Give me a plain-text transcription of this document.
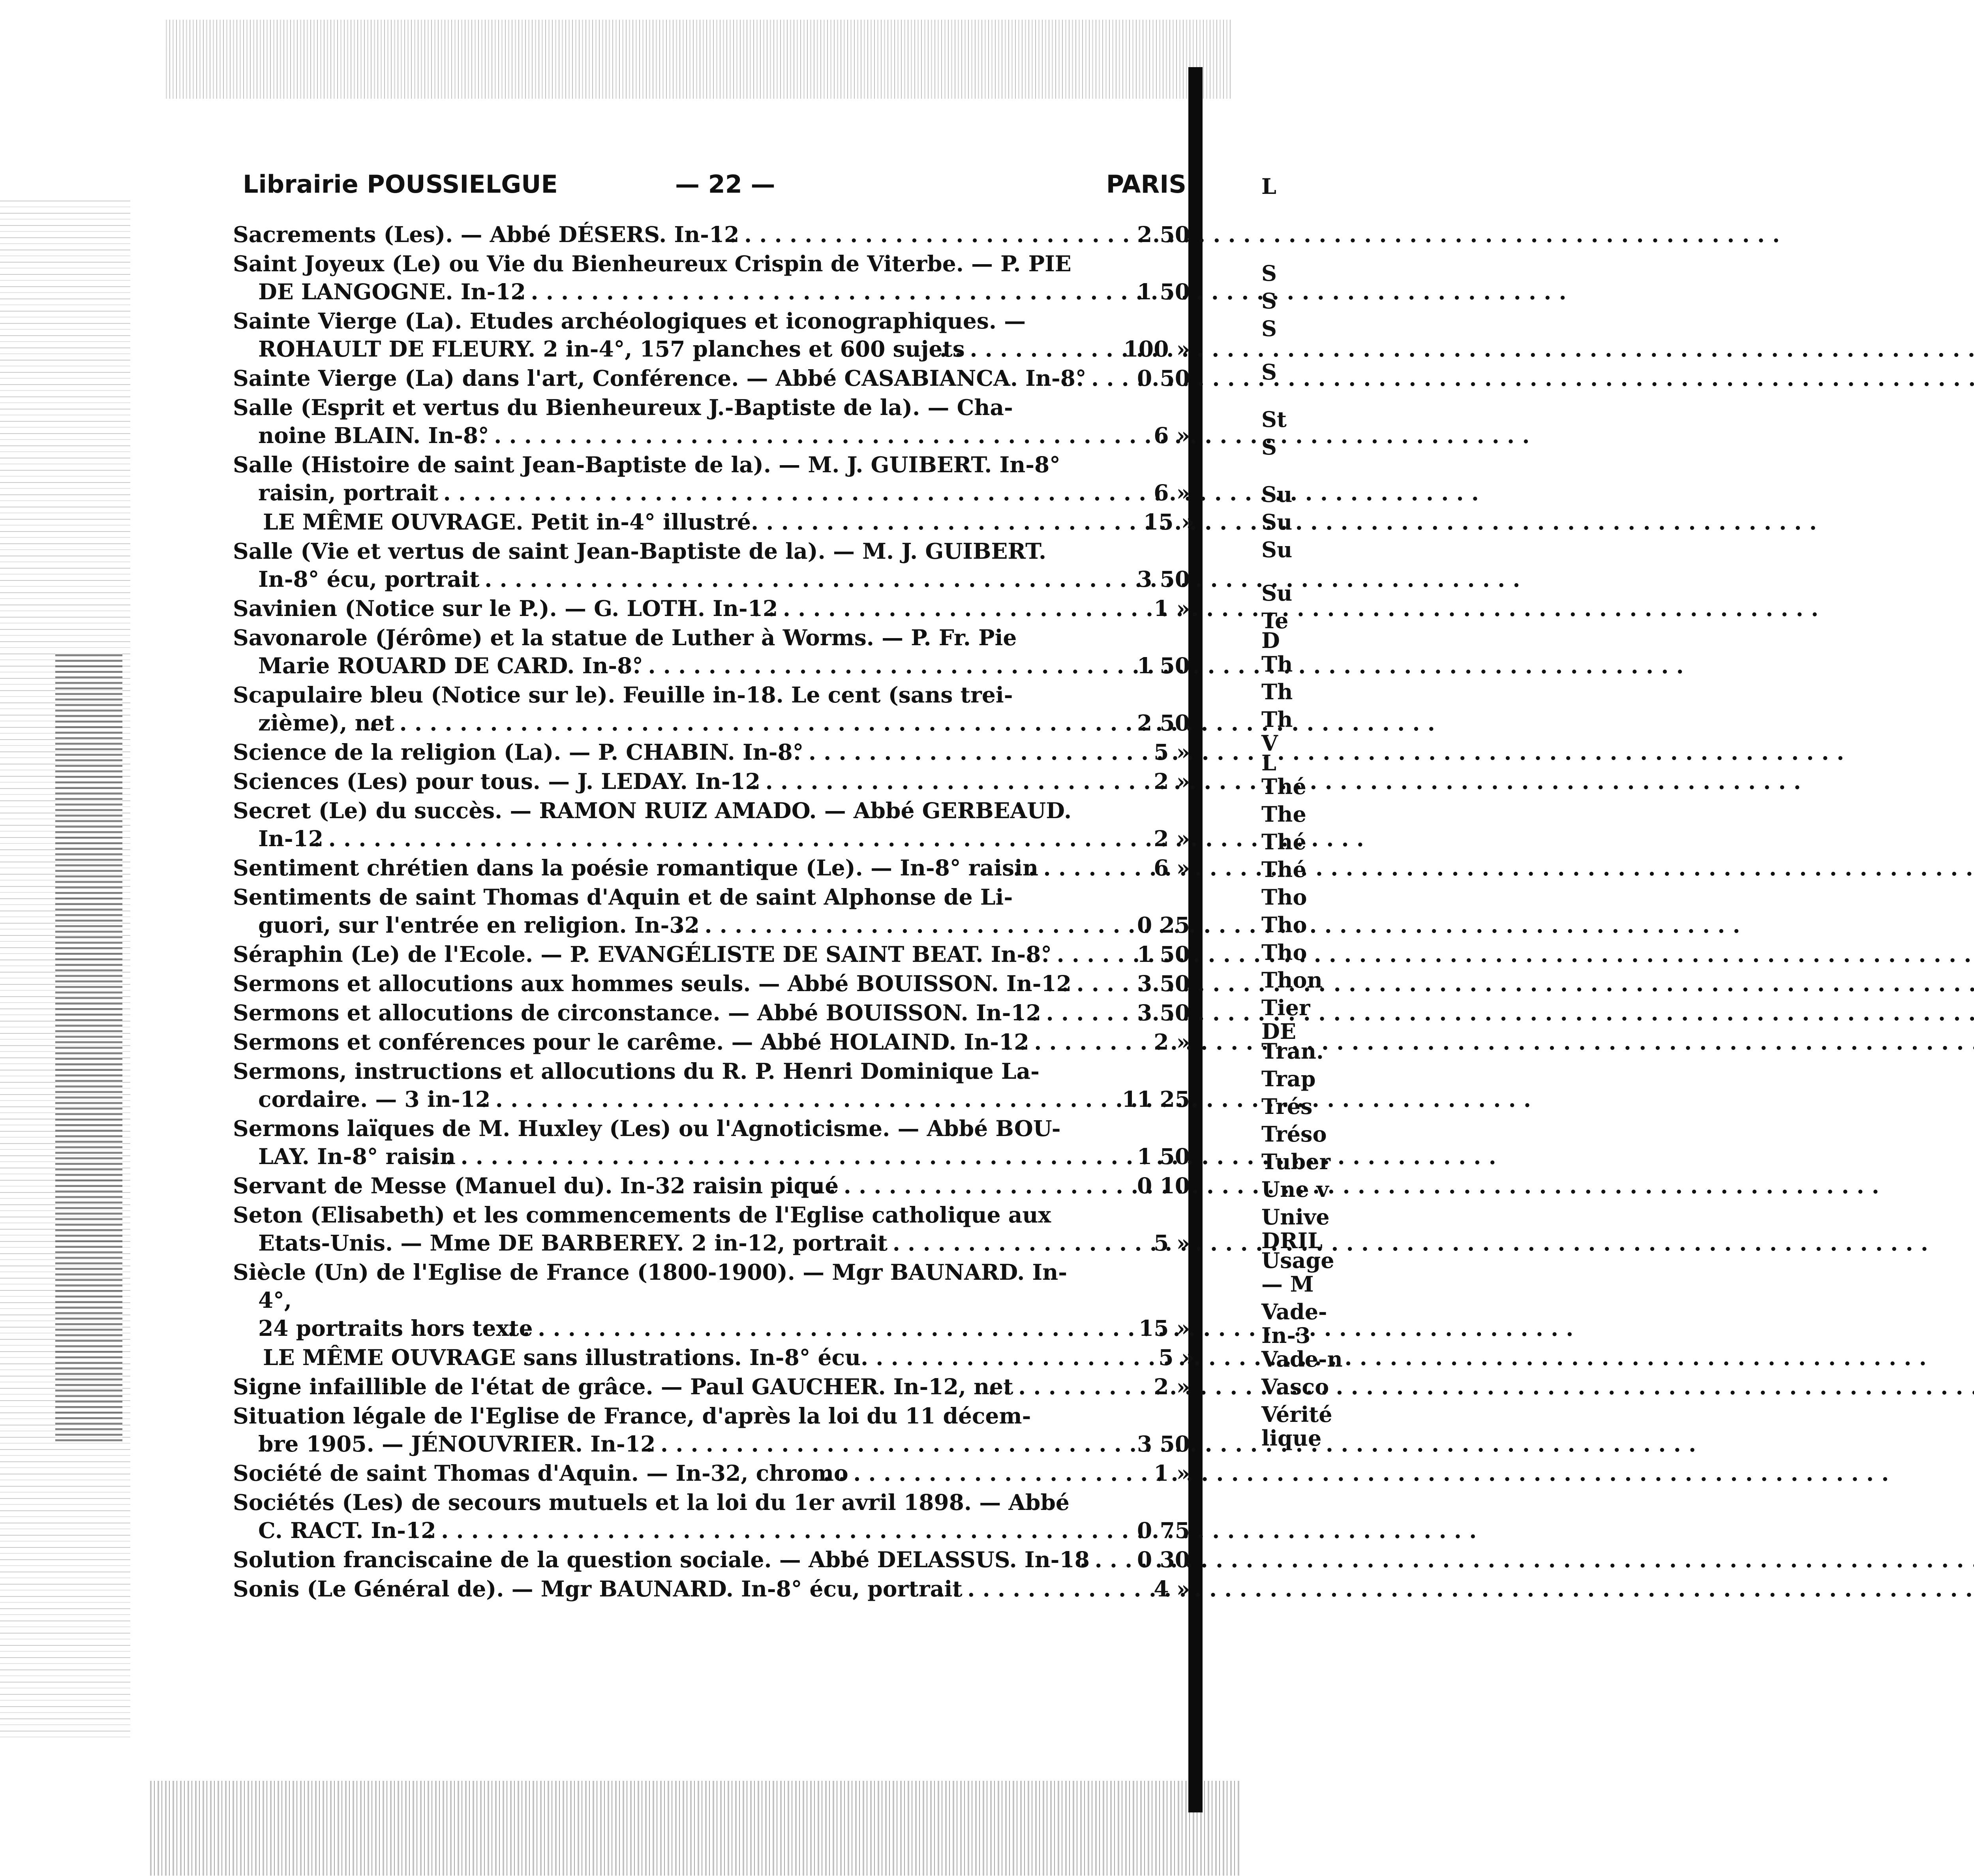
Librairie POUSSIELGUE	— 22 —	PARIS
Sacrements (Les). — Abbé DÉSERS. In-12 . . .	2 50
Saint Joyeux (Le) ou Vie du Bienheureux Crispin de Viterbe. — P. PIE
DE LANGOGNE. In-12 . . .	1 50
Sainte Vierge (La). Etudes archéologiques et iconographiques. —
ROHAULT DE FLEURY. 2 in-4°, 157 planches et 600 sujets . . .	100 »
Sainte Vierge (La) dans l'art, Conférence. — Abbé CASABIANCA. In-8° . . .	0 50
Salle (Esprit et vertus du Bienheureux J.-Baptiste de la). — Cha-
noine BLAIN. In-8° . . .	6 »
Salle (Histoire de saint Jean-Baptiste de la). — M. J. GUIBERT. In-8°
raisin, portrait . . .	6 »
LE MÊME OUVRAGE. Petit in-4° illustré . . .	15 »
Salle (Vie et vertus de saint Jean-Baptiste de la). — M. J. GUIBERT.
In-8° écu, portrait . . .	3 50
Savinien (Notice sur le P.). — G. LOTH. In-12 . . .	1 »
Savonarole (Jérôme) et la statue de Luther à Worms. — P. Fr. Pie
Marie ROUARD DE CARD. In-8° . . .	1 50
Scapulaire bleu (Notice sur le). Feuille in-18. Le cent (sans trei-
zième), net . . .	2 50
Science de la religion (La). — P. CHABIN. In-8° . . .	5 »
Sciences (Les) pour tous. — J. LEDAY. In-12 . . .	2 »
Secret (Le) du succès. — RAMON RUIZ AMADO. — Abbé GERBEAUD. In-12 . . .	2 »
Sentiment chrétien dans la poésie romantique (Le). — In-8° raisin . . .	6 »
Sentiments de saint Thomas d'Aquin et de saint Alphonse de Li-
guori, sur l'entrée en religion. In-32 . . .	0 25
Séraphin (Le) de l'Ecole. — P. EVANGÉLISTE DE SAINT BEAT. In-8° . . .	1 50
Sermons et allocutions aux hommes seuls. — Abbé BOUISSON. In-12 . . .	3 50
Sermons et allocutions de circonstance. — Abbé BOUISSON. In-12 . . .	3 50
Sermons et conférences pour le carême. — Abbé HOLAIND. In-12 . . .	2 »
Sermons, instructions et allocutions du R. P. Henri Dominique La-
cordaire. — 3 in-12 . . .	11 25
Sermons laïques de M. Huxley (Les) ou l'Agnoticisme. — Abbé BOU-
LAY. In-8° raisin . . .	1 50
Servant de Messe (Manuel du). In-32 raisin piqué . . .	0 10
Seton (Elisabeth) et les commencements de l'Eglise catholique aux
Etats-Unis. — Mme DE BARBEREY. 2 in-12, portrait . . .	5 »
Siècle (Un) de l'Eglise de France (1800-1900). — Mgr BAUNARD. In-4°,
24 portraits hors texte . . .	15 »
LE MÊME OUVRAGE sans illustrations. In-8° écu . . .	5 »
Signe infaillible de l'état de grâce. — Paul GAUCHER. In-12, net . . .	2 »
Situation légale de l'Eglise de France, d'après la loi du 11 décem-
bre 1905. — JÉNOUVRIER. In-12 . . .	3 50
Société de saint Thomas d'Aquin. — In-32, chromo . . .	1 »
Sociétés (Les) de secours mutuels et la loi du 1er avril 1898. — Abbé
C. RACT. In-12 . . .	0 75
Solution franciscaine de la question sociale. — Abbé DELASSUS. In-18 . . .	0 30
Sonis (Le Général de). — Mgr BAUNARD. In-8° écu, portrait . . .	4 »
L
S
S
S
S
St
S
Su
Su
Su
Su
Te
D
Th
Th
Th
V
L
Thé
The
Thé
Thé
Tho
Tho
Tho
Thon
Tier
DE
Tran.
Trap
Trés
Tréso
Tuber
Une v
Unive
DRIL
Usage
— M
Vade-
In-3
Vade-n
Vasco
Vérité
lique
